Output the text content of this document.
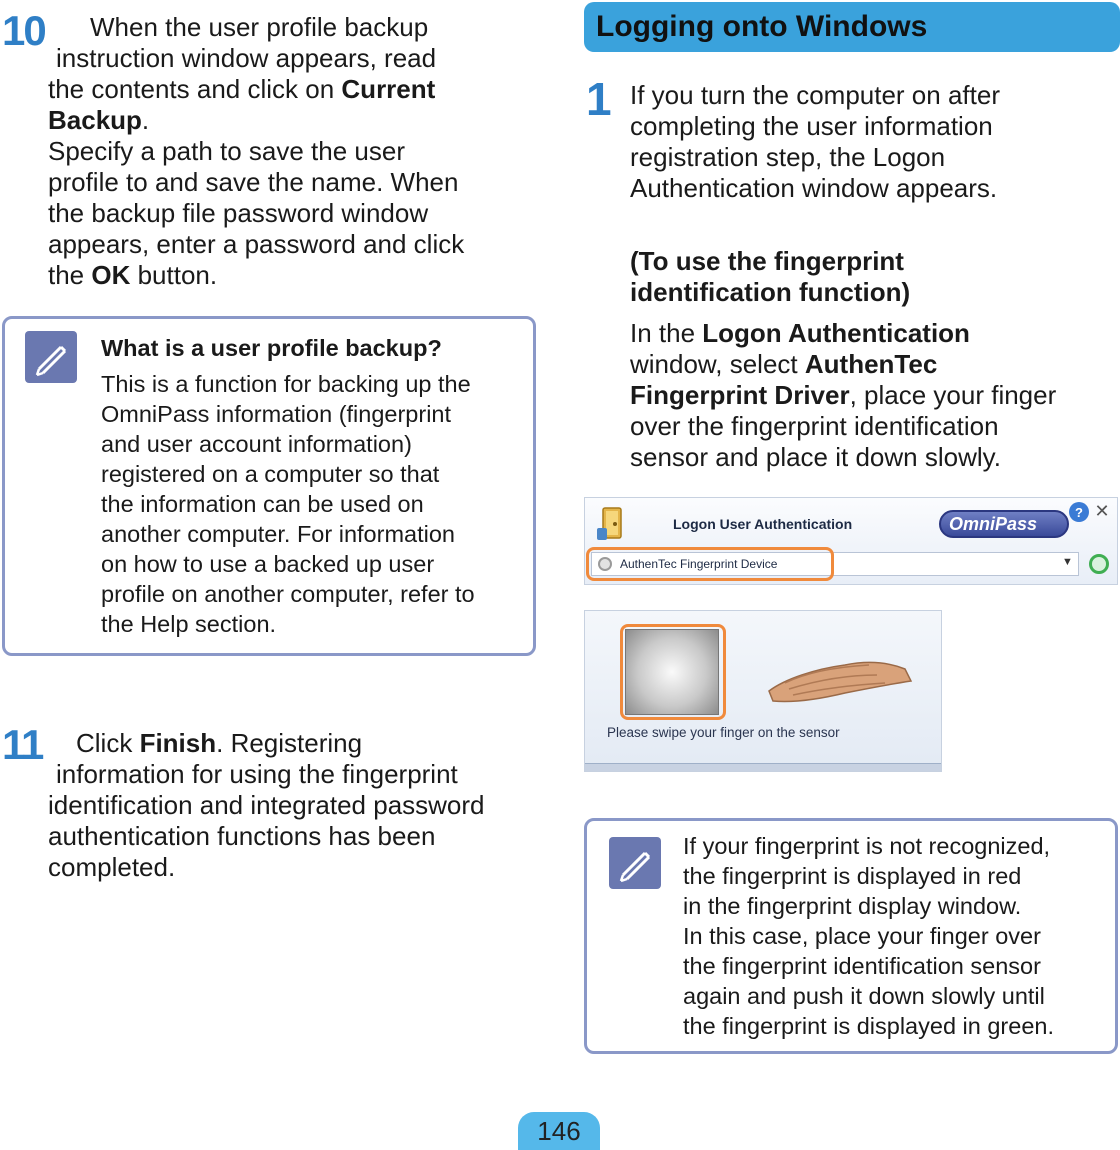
10	When the user profile backup
instruction window appears, read
the contents and click on Current
Backup.
Specify a path to save the user
profile to and save the name. When
the backup file password window
appears, enter a password and click
the OK button.
What is a user profile backup?
This is a function for backing up the
OmniPass information (fingerprint
and user account information)
registered on a computer so that
the information can be used on
another computer. For information
on how to use a backed up user
profile on another computer, refer to
the Help section.
11	Click Finish. Registering
information for using the fingerprint
identification and integrated password
authentication functions has been
completed.
Logging onto Windows
1 If you turn the computer on after
completing the user information
registration step, the Logon
Authentication window appears.
(To use the fingerprint
identification function)
In the Logon Authentication
window, select AuthenTec
Fingerprint Driver, place your finger
over the fingerprint identification
sensor and place it down slowly.
Logon User Authentication	OmniPass
? ✕
AuthenTec Fingerprint Device	▼
Please swipe your finger on the sensor
If your fingerprint is not recognized,
the fingerprint is displayed in red
in the fingerprint display window.
In this case, place your finger over
the fingerprint identification sensor
again and push it down slowly until
the fingerprint is displayed in green.
146
